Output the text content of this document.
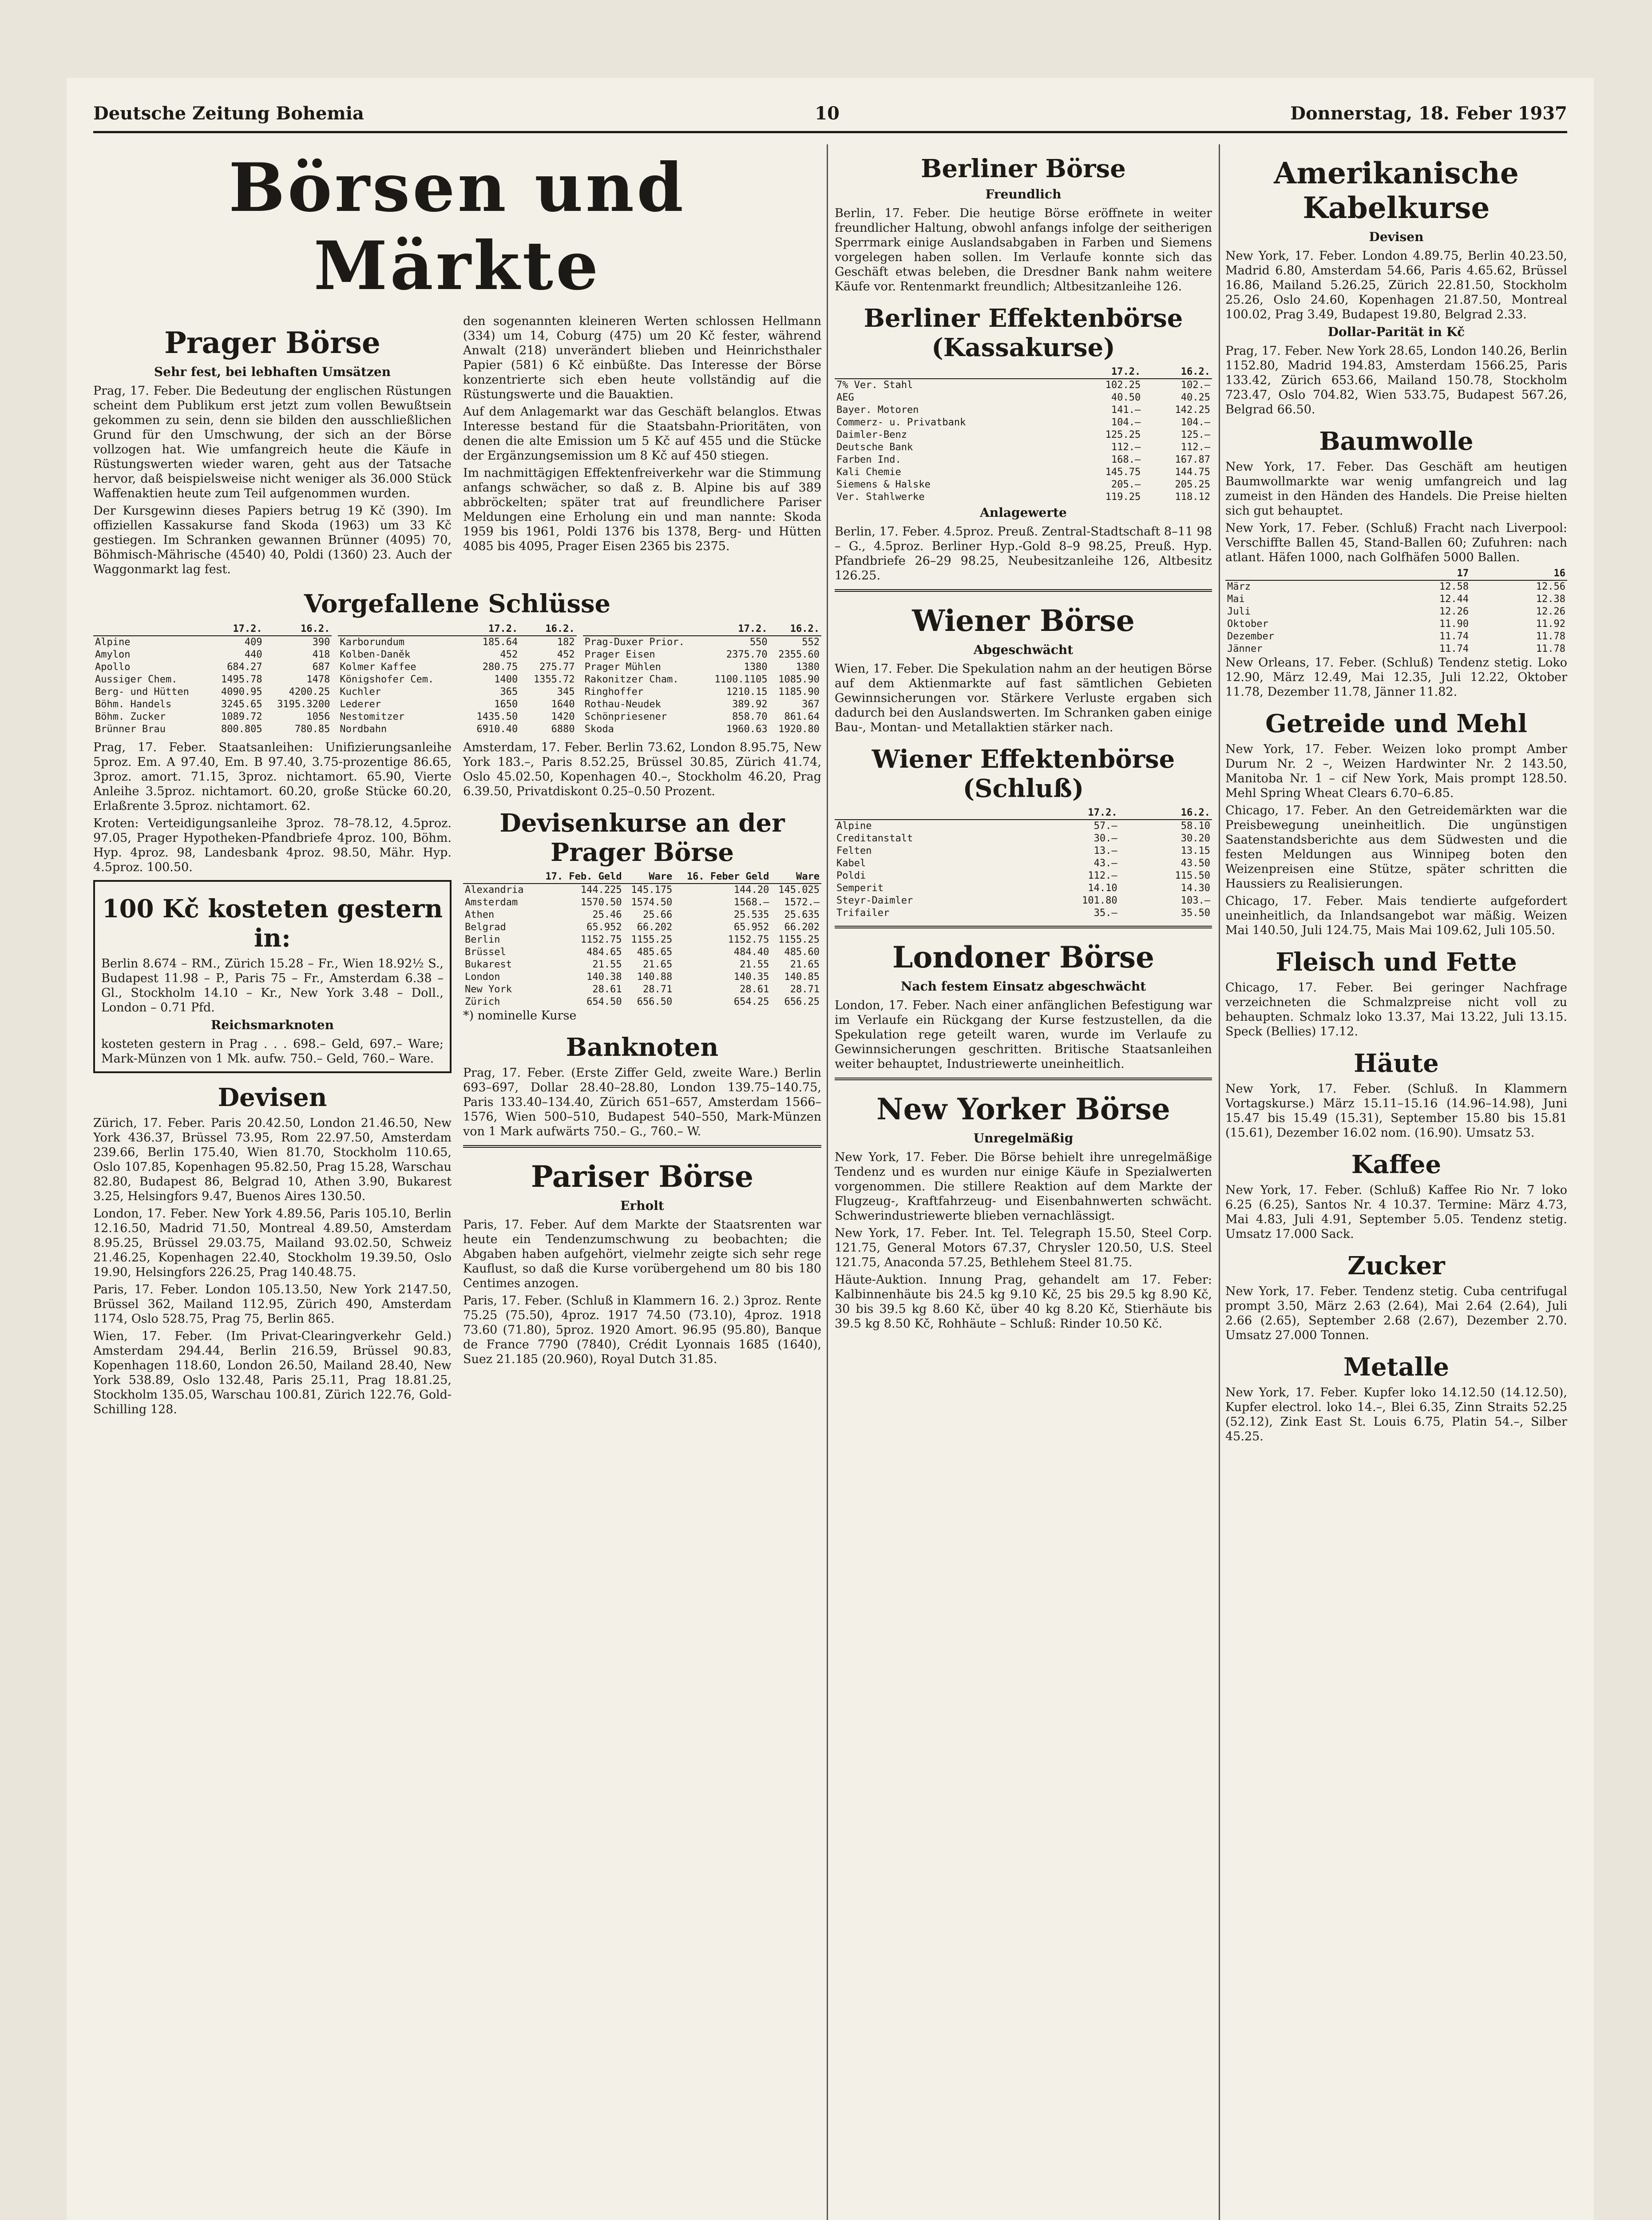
Deutsche Zeitung Bohemia	10	Donnerstag, 18. Feber 1937
Börsen und Märkte
Prager Börse
Sehr fest, bei lebhaften Umsätzen

Prag, 17. Feber. Die Bedeutung der englischen Rüstungen scheint dem Publikum erst jetzt zum vollen Bewußtsein gekommen zu sein, denn sie bilden den ausschließlichen Grund für den Umschwung, der sich an der Börse vollzogen hat. Wie umfangreich heute die Käufe in Rüstungswerten wieder waren, geht aus der Tatsache hervor, daß beispielsweise nicht weniger als 36.000 Stück Waffenaktien heute zum Teil aufgenommen wurden.

Der Kursgewinn dieses Papiers betrug 19 Kč (390). Im offiziellen Kassakurse fand Skoda (1963) um 33 Kč gestiegen. Im Schranken gewannen Brünner (4095) 70, Böhmisch-Mährische (4540) 40, Poldi (1360) 23. Auch der Waggonmarkt lag fest.

den sogenannten kleineren Werten schlossen Hellmann (334) um 14, Coburg (475) um 20 Kč fester, während Anwalt (218) unverändert blieben und Heinrichsthaler Papier (581) 6 Kč einbüßte. Das Interesse der Börse konzentrierte sich eben heute vollständig auf die Rüstungswerte und die Bauaktien.

Auf dem Anlagemarkt war das Geschäft belanglos. Etwas Interesse bestand für die Staatsbahn-Prioritäten, von denen die alte Emission um 5 Kč auf 455 und die Stücke der Ergänzungsemission um 8 Kč auf 450 stiegen.

Im nachmittägigen Effektenfreiverkehr war die Stimmung anfangs schwächer, so daß z. B. Alpine bis auf 389 abbröckelten; später trat auf freundlichere Pariser Meldungen eine Erholung ein und man nannte: Skoda 1959 bis 1961, Poldi 1376 bis 1378, Berg- und Hütten 4085 bis 4095, Prager Eisen 2365 bis 2375.

Vorgefallene Schlüsse
	17.2.	16.2.
Alpine	409	390
Amylon	440	418
Apollo	684.27	687
Aussiger Chem.	1495.78	1478
Berg- und Hütten	4090.95	4200.25
Böhm. Handels	3245.65	3195.3200
Böhm. Zucker	1089.72	1056
Brünner Brau	800.805	780.85
	17.2.	16.2.
Karborundum	185.64	182
Kolben-Daněk	452	452
Kolmer Kaffee	280.75	275.77
Königshofer Cem.	1400	1355.72
Kuchler	365	345
Lederer	1650	1640
Nestomitzer	1435.50	1420
Nordbahn	6910.40	6880
	17.2.	16.2.
Prag-Duxer Prior.	550	552
Prager Eisen	2375.70	2355.60
Prager Mühlen	1380	1380
Rakonitzer Cham.	1100.1105	1085.90
Ringhoffer	1210.15	1185.90
Rothau-Neudek	389.92	367
Schönpriesener	858.70	861.64
Skoda	1960.63	1920.80

Prag, 17. Feber. Staatsanleihen: Unifizierungsanleihe 5proz. Em. A 97.40, Em. B 97.40, 3.75-prozentige 86.65, 3proz. amort. 71.15, 3proz. nichtamort. 65.90, Vierte Anleihe 3.5proz. nichtamort. 60.20, große Stücke 60.20, Erlaßrente 3.5proz. nichtamort. 62.

Kroten: Verteidigungsanleihe 3proz. 78–78.12, 4.5proz. 97.05, Prager Hypotheken-Pfandbriefe 4proz. 100, Böhm. Hyp. 4proz. 98, Landesbank 4proz. 98.50, Mähr. Hyp. 4.5proz. 100.50.

100 Kč kosteten gestern in:

Berlin 8.674 – RM., Zürich 15.28 – Fr., Wien 18.92½ S., Budapest 11.98 – P., Paris 75 – Fr., Amsterdam 6.38 – Gl., Stockholm 14.10 – Kr., New York 3.48 – Doll., London – 0.71 Pfd.

Reichsmarknoten

kosteten gestern in Prag . . . 698.– Geld, 697.– Ware; Mark-Münzen von 1 Mk. aufw. 750.– Geld, 760.– Ware.

Devisen

Zürich, 17. Feber. Paris 20.42.50, London 21.46.50, New York 436.37, Brüssel 73.95, Rom 22.97.50, Amsterdam 239.66, Berlin 175.40, Wien 81.70, Stockholm 110.65, Oslo 107.85, Kopenhagen 95.82.50, Prag 15.28, Warschau 82.80, Budapest 86, Belgrad 10, Athen 3.90, Bukarest 3.25, Helsingfors 9.47, Buenos Aires 130.50.

London, 17. Feber. New York 4.89.56, Paris 105.10, Berlin 12.16.50, Madrid 71.50, Montreal 4.89.50, Amsterdam 8.95.25, Brüssel 29.03.75, Mailand 93.02.50, Schweiz 21.46.25, Kopenhagen 22.40, Stockholm 19.39.50, Oslo 19.90, Helsingfors 226.25, Prag 140.48.75.

Paris, 17. Feber. London 105.13.50, New York 2147.50, Brüssel 362, Mailand 112.95, Zürich 490, Amsterdam 1174, Oslo 528.75, Prag 75, Berlin 865.

Wien, 17. Feber. (Im Privat-Clearingverkehr Geld.) Amsterdam 294.44, Berlin 216.59, Brüssel 90.83, Kopenhagen 118.60, London 26.50, Mailand 28.40, New York 538.89, Oslo 132.48, Paris 25.11, Prag 18.81.25, Stockholm 135.05, Warschau 100.81, Zürich 122.76, Gold-Schilling 128.

Amsterdam, 17. Feber. Berlin 73.62, London 8.95.75, New York 183.–, Paris 8.52.25, Brüssel 30.85, Zürich 41.74, Oslo 45.02.50, Kopenhagen 40.–, Stockholm 46.20, Prag 6.39.50, Privatdiskont 0.25–0.50 Prozent.

Devisenkurse an der Prager Börse
	17. Feb. Geld	Ware	16. Feber Geld	Ware
Alexandria	144.225	145.175	144.20	145.025
Amsterdam	1570.50	1574.50	1568.–	1572.–
Athen	25.46	25.66	25.535	25.635
Belgrad	65.952	66.202	65.952	66.202
Berlin	1152.75	1155.25	1152.75	1155.25
Brüssel	484.65	485.65	484.40	485.60
Bukarest	21.55	21.65	21.55	21.65
London	140.38	140.88	140.35	140.85
New York	28.61	28.71	28.61	28.71
Zürich	654.50	656.50	654.25	656.25

*) nominelle Kurse

Banknoten

Prag, 17. Feber. (Erste Ziffer Geld, zweite Ware.) Berlin 693–697, Dollar 28.40–28.80, London 139.75–140.75, Paris 133.40–134.40, Zürich 651–657, Amsterdam 1566–1576, Wien 500–510, Budapest 540–550, Mark-Münzen von 1 Mark aufwärts 750.– G., 760.– W.

Pariser Börse
Erholt

Paris, 17. Feber. Auf dem Markte der Staatsrenten war heute ein Tendenzumschwung zu beobachten; die Abgaben haben aufgehört, vielmehr zeigte sich sehr rege Kauflust, so daß die Kurse vorübergehend um 80 bis 180 Centimes anzogen.

Paris, 17. Feber. (Schluß in Klammern 16. 2.) 3proz. Rente 75.25 (75.50), 4proz. 1917 74.50 (73.10), 4proz. 1918 73.60 (71.80), 5proz. 1920 Amort. 96.95 (95.80), Banque de France 7790 (7840), Crédit Lyonnais 1685 (1640), Suez 21.185 (20.960), Royal Dutch 31.85.

Berliner Börse
Freundlich

Berlin, 17. Feber. Die heutige Börse eröffnete in weiter freundlicher Haltung, obwohl anfangs infolge der seitherigen Sperrmark einige Auslandsabgaben in Farben und Siemens vorgelegen haben sollen. Im Verlaufe konnte sich das Geschäft etwas beleben, die Dresdner Bank nahm weitere Käufe vor. Rentenmarkt freundlich; Altbesitzanleihe 126.

Berliner Effektenbörse (Kassakurse)
	17.2.	16.2.
7% Ver. Stahl	102.25	102.–
AEG	40.50	40.25
Bayer. Motoren	141.–	142.25
Commerz- u. Privatbank	104.–	104.–
Daimler-Benz	125.25	125.–
Deutsche Bank	112.–	112.–
Farben Ind.	168.–	167.87
Kali Chemie	145.75	144.75
Siemens & Halske	205.–	205.25
Ver. Stahlwerke	119.25	118.12
Anlagewerte

Berlin, 17. Feber. 4.5proz. Preuß. Zentral-Stadtschaft 8–11 98 – G., 4.5proz. Berliner Hyp.-Gold 8–9 98.25, Preuß. Hyp. Pfandbriefe 26–29 98.25, Neubesitzanleihe 126, Altbesitz 126.25.

Wiener Börse
Abgeschwächt

Wien, 17. Feber. Die Spekulation nahm an der heutigen Börse auf dem Aktienmarkte auf fast sämtlichen Gebieten Gewinnsicherungen vor. Stärkere Verluste ergaben sich dadurch bei den Auslandswerten. Im Schranken gaben einige Bau-, Montan- und Metallaktien stärker nach.

Wiener Effektenbörse (Schluß)
	17.2.	16.2.
Alpine	57.–	58.10
Creditanstalt	30.–	30.20
Felten	13.–	13.15
Kabel	43.–	43.50
Poldi	112.–	115.50
Semperit	14.10	14.30
Steyr-Daimler	101.80	103.–
Trifailer	35.–	35.50
Londoner Börse
Nach festem Einsatz abgeschwächt

London, 17. Feber. Nach einer anfänglichen Befestigung war im Verlaufe ein Rückgang der Kurse festzustellen, da die Spekulation rege geteilt waren, wurde im Verlaufe zu Gewinnsicherungen geschritten. Britische Staatsanleihen weiter behauptet, Industriewerte uneinheitlich.

New Yorker Börse
Unregelmäßig

New York, 17. Feber. Die Börse behielt ihre unregelmäßige Tendenz und es wurden nur einige Käufe in Spezialwerten vorgenommen. Die stillere Reaktion auf dem Markte der Flugzeug-, Kraftfahrzeug- und Eisenbahnwerten schwächt. Schwerindustriewerte blieben vernachlässigt.

New York, 17. Feber. Int. Tel. Telegraph 15.50, Steel Corp. 121.75, General Motors 67.37, Chrysler 120.50, U.S. Steel 121.75, Anaconda 57.25, Bethlehem Steel 81.75.

Häute-Auktion. Innung Prag, gehandelt am 17. Feber: Kalbinnenhäute bis 24.5 kg 9.10 Kč, 25 bis 29.5 kg 8.90 Kč, 30 bis 39.5 kg 8.60 Kč, über 40 kg 8.20 Kč, Stierhäute bis 39.5 kg 8.50 Kč, Rohhäute – Schluß: Rinder 10.50 Kč.

Amerikanische Kabelkurse
Devisen

New York, 17. Feber. London 4.89.75, Berlin 40.23.50, Madrid 6.80, Amsterdam 54.66, Paris 4.65.62, Brüssel 16.86, Mailand 5.26.25, Zürich 22.81.50, Stockholm 25.26, Oslo 24.60, Kopenhagen 21.87.50, Montreal 100.02, Prag 3.49, Budapest 19.80, Belgrad 2.33.

Dollar-Parität in Kč

Prag, 17. Feber. New York 28.65, London 140.26, Berlin 1152.80, Madrid 194.83, Amsterdam 1566.25, Paris 133.42, Zürich 653.66, Mailand 150.78, Stockholm 723.47, Oslo 704.82, Wien 533.75, Budapest 567.26, Belgrad 66.50.

Baumwolle

New York, 17. Feber. Das Geschäft am heutigen Baumwollmarkte war wenig umfangreich und lag zumeist in den Händen des Handels. Die Preise hielten sich gut behauptet.

New York, 17. Feber. (Schluß) Fracht nach Liverpool: Verschiffte Ballen 45, Stand-Ballen 60; Zufuhren: nach atlant. Häfen 1000, nach Golfhäfen 5000 Ballen.

	17	16
März	12.58	12.56
Mai	12.44	12.38
Juli	12.26	12.26
Oktober	11.90	11.92
Dezember	11.74	11.78
Jänner	11.74	11.78

New Orleans, 17. Feber. (Schluß) Tendenz stetig. Loko 12.90, März 12.49, Mai 12.35, Juli 12.22, Oktober 11.78, Dezember 11.78, Jänner 11.82.

Getreide und Mehl

New York, 17. Feber. Weizen loko prompt Amber Durum Nr. 2 –, Weizen Hardwinter Nr. 2 143.50, Manitoba Nr. 1 – cif New York, Mais prompt 128.50. Mehl Spring Wheat Clears 6.70–6.85.

Chicago, 17. Feber. An den Getreidemärkten war die Preisbewegung uneinheitlich. Die ungünstigen Saatenstandsberichte aus dem Südwesten und die festen Meldungen aus Winnipeg boten den Weizenpreisen eine Stütze, später schritten die Haussiers zu Realisierungen.

Chicago, 17. Feber. Mais tendierte aufgefordert uneinheitlich, da Inlandsangebot war mäßig. Weizen Mai 140.50, Juli 124.75, Mais Mai 109.62, Juli 105.50.

Fleisch und Fette

Chicago, 17. Feber. Bei geringer Nachfrage verzeichneten die Schmalzpreise nicht voll zu behaupten. Schmalz loko 13.37, Mai 13.22, Juli 13.15. Speck (Bellies) 17.12.

Häute

New York, 17. Feber. (Schluß. In Klammern Vortagskurse.) März 15.11–15.16 (14.96–14.98), Juni 15.47 bis 15.49 (15.31), September 15.80 bis 15.81 (15.61), Dezember 16.02 nom. (16.90). Umsatz 53.

Kaffee

New York, 17. Feber. (Schluß) Kaffee Rio Nr. 7 loko 6.25 (6.25), Santos Nr. 4 10.37. Termine: März 4.73, Mai 4.83, Juli 4.91, September 5.05. Tendenz stetig. Umsatz 17.000 Sack.

Zucker

New York, 17. Feber. Tendenz stetig. Cuba centrifugal prompt 3.50, März 2.63 (2.64), Mai 2.64 (2.64), Juli 2.66 (2.65), September 2.68 (2.67), Dezember 2.70. Umsatz 27.000 Tonnen.

Metalle

New York, 17. Feber. Kupfer loko 14.12.50 (14.12.50), Kupfer electrol. loko 14.–, Blei 6.35, Zinn Straits 52.25 (52.12), Zink East St. Louis 6.75, Platin 54.–, Silber 45.25.
